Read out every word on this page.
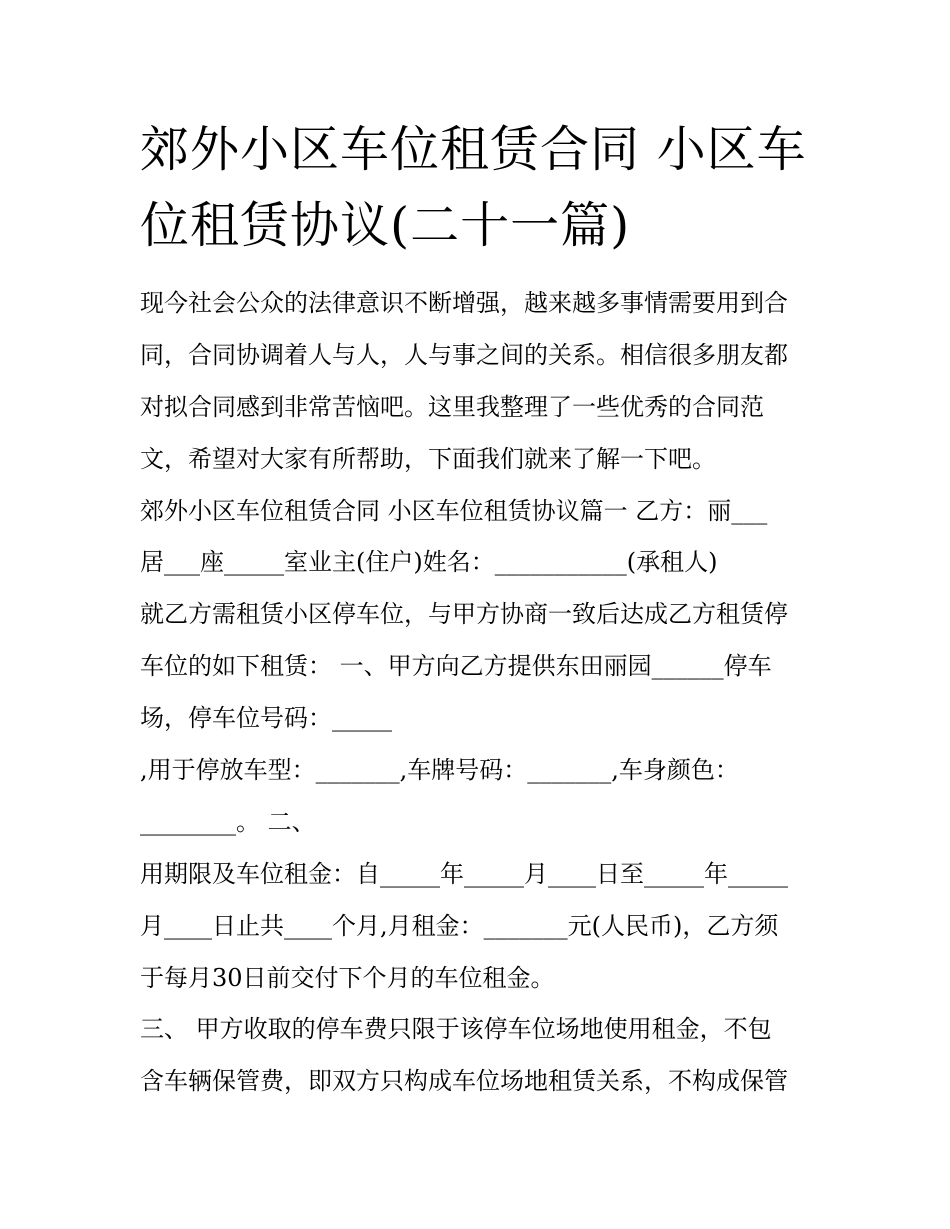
郊外小区车位租赁合同 小区车
位租赁协议(二十一篇)
现今社会公众的法律意识不断增强，越来越多事情需要用到合
同，合同协调着人与人，人与事之间的关系。相信很多朋友都
对拟合同感到非常苦恼吧。这里我整理了一些优秀的合同范
文，希望对大家有所帮助，下面我们就来了解一下吧。
郊外小区车位租赁合同 小区车位租赁协议篇一 乙方：丽___
居___座_____室业主(住户)姓名：___________(承租人)
就乙方需租赁小区停车位，与甲方协商一致后达成乙方租赁停
车位的如下租赁： 一、甲方向乙方提供东田丽园______停车
场，停车位号码：_____
,用于停放车型：_______,车牌号码：_______,车身颜色：
________。 二、
用期限及车位租金：自_____年_____月____日至_____年_____
月____日止共____个月,月租金：_______元(人民币)，乙方须
于每月30日前交付下个月的车位租金。
三、 甲方收取的停车费只限于该停车位场地使用租金，不包
含车辆保管费，即双方只构成车位场地租赁关系，不构成保管
